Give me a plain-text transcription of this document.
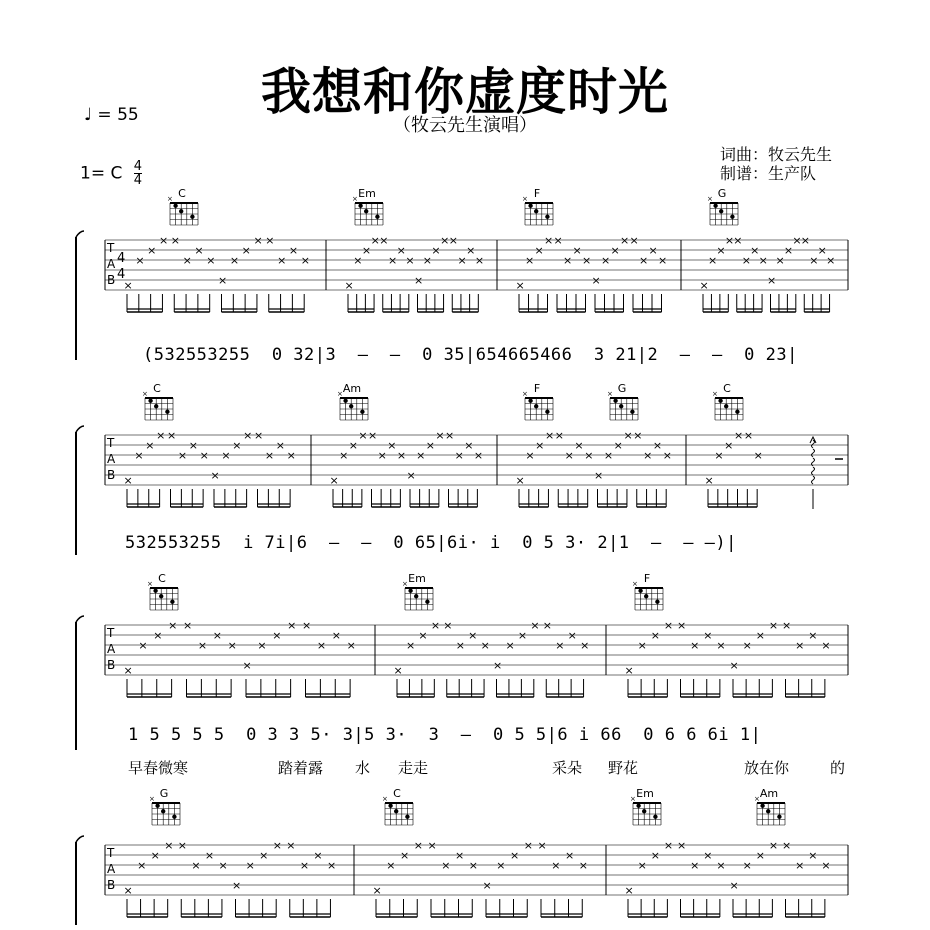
我想和你虚度时光
（牧云先生演唱）
♩ = 55
1= C $\frac{4}{4}$
词曲：牧云先生
制谱：生产队
T
A
B
4
4
×
×
×
× ×
×
×
×
×
×
×
× ×
×
×
×
×
×
×
× ×
×
×
×
×
×
×
× ×
×
×
×
×
×
×
× ×
×
×
×
×
×
×
× ×
×
×
×
×
×
×
× ×
×
×
×
×
×
×
× ×
×
×
×
C
×	Em
×	F
×	G
×
(532553255  0 32|3  —  —  0 35|654665466  3 21|2  —  —  0 23|
T
A
B ×
×
×
× ×
×
×
×
×
×
×
× ×
×
×
×
×
×
×
× ×
×
×
×
×
×
×
× ×
×
×
×
×
×
×
× ×
×
×
×
×
×
×
× ×
×
×
×
×
×
×
× ×
×
C
×	Am
×	F
×	G
×	C
×
532553255  i 7i|6  —  —  0 65|6i· i  0 5 3· 2|1  —  — —)|
T
A
B ×
×
×
× ×
×
×
×
×
×
×
× ×
×
×
×
×
×
×
× ×
×
×
×
×
×
×
× ×
×
×
×
×
×
×
× ×
×
×
×
×
×
×
× ×
×
×
×
C
×	Em
×	F
×
1 5 5 5 5  0 3 3 5· 3|5 3·  3  —  0 5 5|6 i 66  0 6 6 6i 1|
早春微寒	踏着露 水 走走	采朵 野花	放在你	的
T
A
B ×
×
×
× ×
×
×
×
×
×
×
× ×
×
×
×
×
×
×
× ×
×
×
×
×
×
×
× ×
×
×
×
×
×
×
× ×
×
×
×
×
×
×
× ×
×
×
×
G
×	C
×	Em
×	Am
×
